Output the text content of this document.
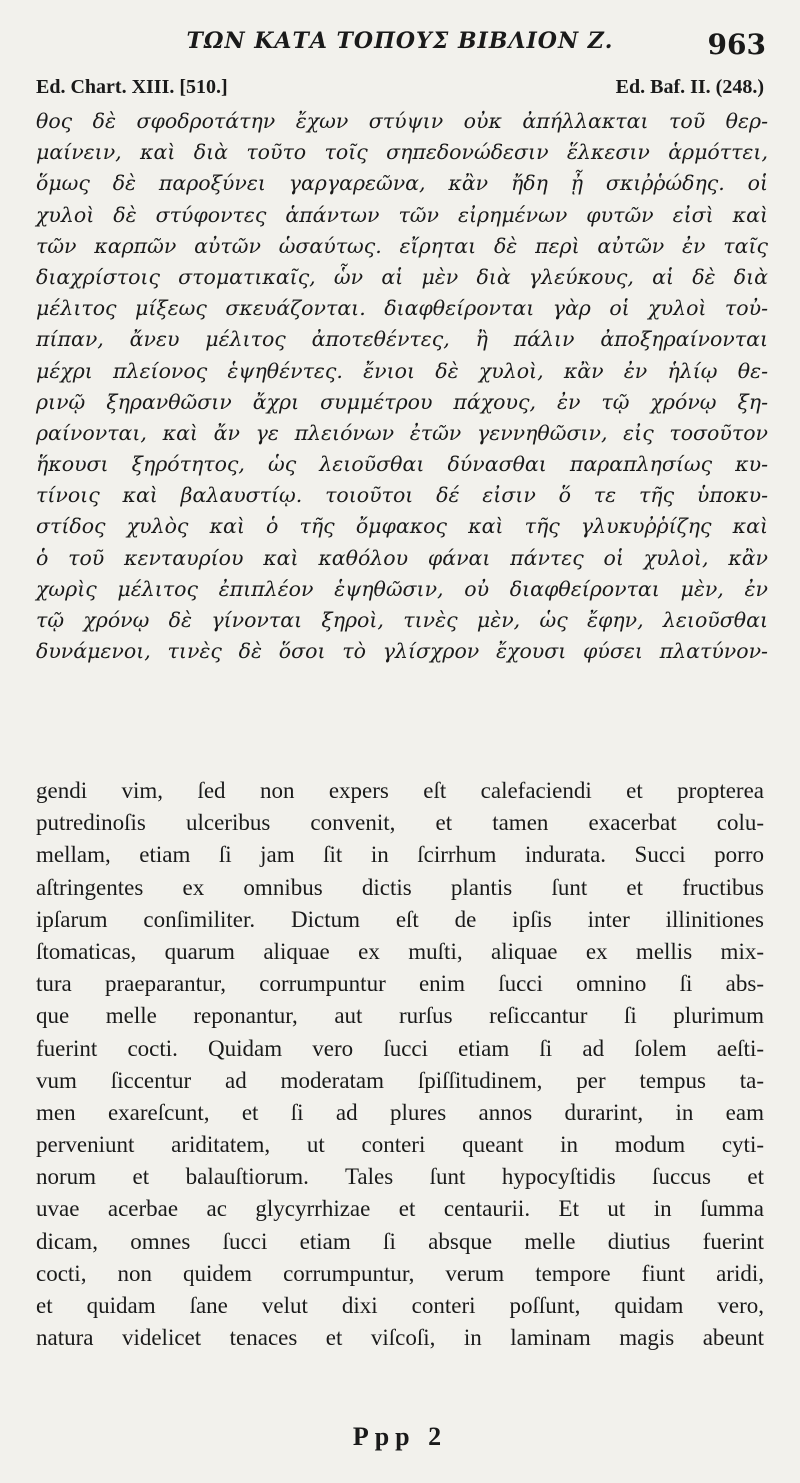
ΤΩΝ ΚΑΤΑ ΤΟΠΟΥΣ ΒΙΒΛΙΟΝ Ζ.	963
Ed. Chart. XIII. [510.]	Ed. Baf. II. (248.)
θος δὲ σφοδροτάτην ἔχων στύψιν οὐκ ἀπήλλακται τοῦ θερ-
μαίνειν, καὶ διὰ τοῦτο τοῖς σηπεδονώδεσιν ἕλκεσιν ἁρμόττει,
ὅμως δὲ παροξύνει γαργαρεῶνα, κἂν ἤδη ᾖ σκιῤῥώδης. οἱ
χυλοὶ δὲ στύφοντες ἁπάντων τῶν εἰρημένων φυτῶν εἰσὶ καὶ
τῶν καρπῶν αὐτῶν ὡσαύτως. εἴρηται δὲ περὶ αὐτῶν ἐν ταῖς
διαχρίστοις στοματικαῖς, ὧν αἱ μὲν διὰ γλεύκους, αἱ δὲ διὰ
μέλιτος μίξεως σκευάζονται. διαφθείρονται γὰρ οἱ χυλοὶ τοὐ-
πίπαν, ἄνευ μέλιτος ἀποτεθέντες, ἢ πάλιν ἀποξηραίνονται
μέχρι πλείονος ἑψηθέντες. ἔνιοι δὲ χυλοὶ, κἂν ἐν ἡλίῳ θε-
ρινῷ ξηρανθῶσιν ἄχρι συμμέτρου πάχους, ἐν τῷ χρόνῳ ξη-
ραίνονται, καὶ ἄν γε πλειόνων ἐτῶν γεννηθῶσιν, εἰς τοσοῦτον
ἥκουσι ξηρότητος, ὡς λειοῦσθαι δύνασθαι παραπλησίως κυ-
τίνοις καὶ βαλαυστίῳ. τοιοῦτοι δέ εἰσιν ὅ τε τῆς ὑποκυ-
στίδος χυλὸς καὶ ὁ τῆς ὄμφακος καὶ τῆς γλυκυῤῥίζης καὶ
ὁ τοῦ κενταυρίου καὶ καθόλου φάναι πάντες οἱ χυλοὶ, κἂν
χωρὶς μέλιτος ἐπιπλέον ἑψηθῶσιν, οὐ διαφθείρονται μὲν, ἐν
τῷ χρόνῳ δὲ γίνονται ξηροὶ, τινὲς μὲν, ὡς ἔφην, λειοῦσθαι
δυνάμενοι, τινὲς δὲ ὅσοι τὸ γλίσχρον ἔχουσι φύσει πλατύνον-
gendi vim, ſed non expers eſt calefaciendi et propterea
putredinoſis ulceribus convenit, et tamen exacerbat colu-
mellam, etiam ſi jam ſit in ſcirrhum indurata. Succi porro
aſtringentes ex omnibus dictis plantis ſunt et fructibus
ipſarum conſimiliter. Dictum eſt de ipſis inter illinitiones
ſtomaticas, quarum aliquae ex muſti, aliquae ex mellis mix-
tura praeparantur, corrumpuntur enim ſucci omnino ſi abs-
que melle reponantur, aut rurſus reſiccantur ſi plurimum
fuerint cocti. Quidam vero ſucci etiam ſi ad ſolem aeſti-
vum ſiccentur ad moderatam ſpiſſitudinem, per tempus ta-
men exareſcunt, et ſi ad plures annos durarint, in eam
perveniunt ariditatem, ut conteri queant in modum cyti-
norum et balauſtiorum. Tales ſunt hypocyſtidis ſuccus et
uvae acerbae ac glycyrrhizae et centaurii. Et ut in ſumma
dicam, omnes ſucci etiam ſi absque melle diutius fuerint
cocti, non quidem corrumpuntur, verum tempore fiunt aridi,
et quidam ſane velut dixi conteri poſſunt, quidam vero,
natura videlicet tenaces et viſcoſi, in laminam magis abeunt
Ppp 2
